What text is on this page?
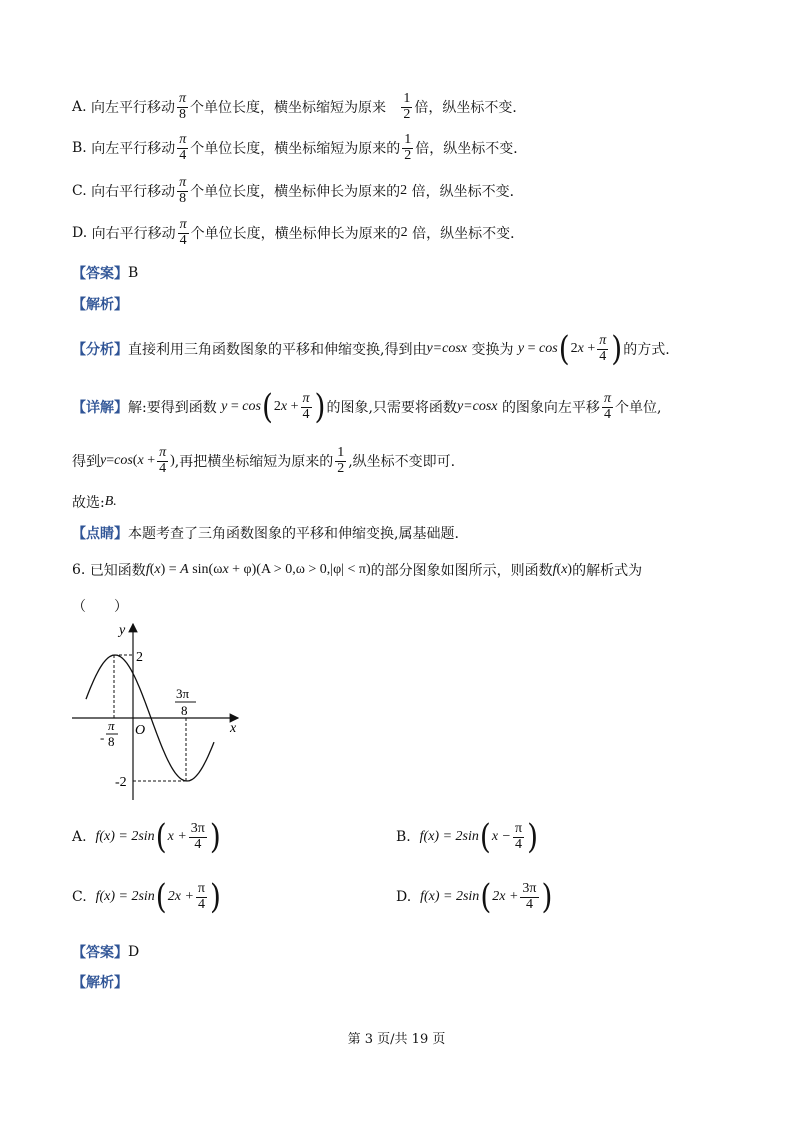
A.
向左平行移动 $\frac{\pi}{8}$ 个单位长度，横坐标缩短为原来
$\frac{1}{2}$ 倍，纵坐标不变．
B.
向左平行移动 $\frac{\pi}{4}$ 个单位长度，横坐标缩短为原来的 $\frac{1}{2}$ 倍，纵坐标不变．
C.
向右平行移动 $\frac{\pi}{8}$ 个单位长度，横坐标伸长为原来的 2
倍，纵坐标不变．
D.
向右平行移动 $\frac{\pi}{4}$ 个单位长度，横坐标伸长为原来的 2
倍，纵坐标不变．
【答案】 B
【解析】
【分析】 直接利用三角函数图象的平移和伸缩变换,得到由 y=cosx
变换为
y = cos ( $2x + \frac{\pi}{4}$ ) 的方式.
【详解】 解:要得到函数
y = cos ( $2x + \frac{\pi}{4}$ ) 的图象,只需要将函数 y=cosx
的图象向左平移 $\frac{\pi}{4}$ 个单位,
得到 $y=\cos(x + \frac{\pi}{4}$ ) ,再把横坐标缩短为原来的 $\frac{1}{2}$ ,纵坐标不变即可.
故选: B.
【点睛】 本题考查了三角函数图象的平移和伸缩变换,属基础题.
6.
已知函数 f(x) = A sin(ωx + φ) (A > 0,ω > 0,|φ| < π) 的部分图象如图所示，则函数 f(x) 的解析式为
（　　）
y
x
O
2
-2
-
π
8
3π
8
A.
f(x) = 2sin ( $x + \frac{3\pi}{4}$ )	B.
f(x) = 2sin ( $x - \frac{\pi}{4}$ )
C.
f(x) = 2sin ( $2x + \frac{\pi}{4}$ )	D.
f(x) = 2sin ( $2x + \frac{3\pi}{4}$ )
【答案】 D
【解析】
第 3 页/共 19 页
